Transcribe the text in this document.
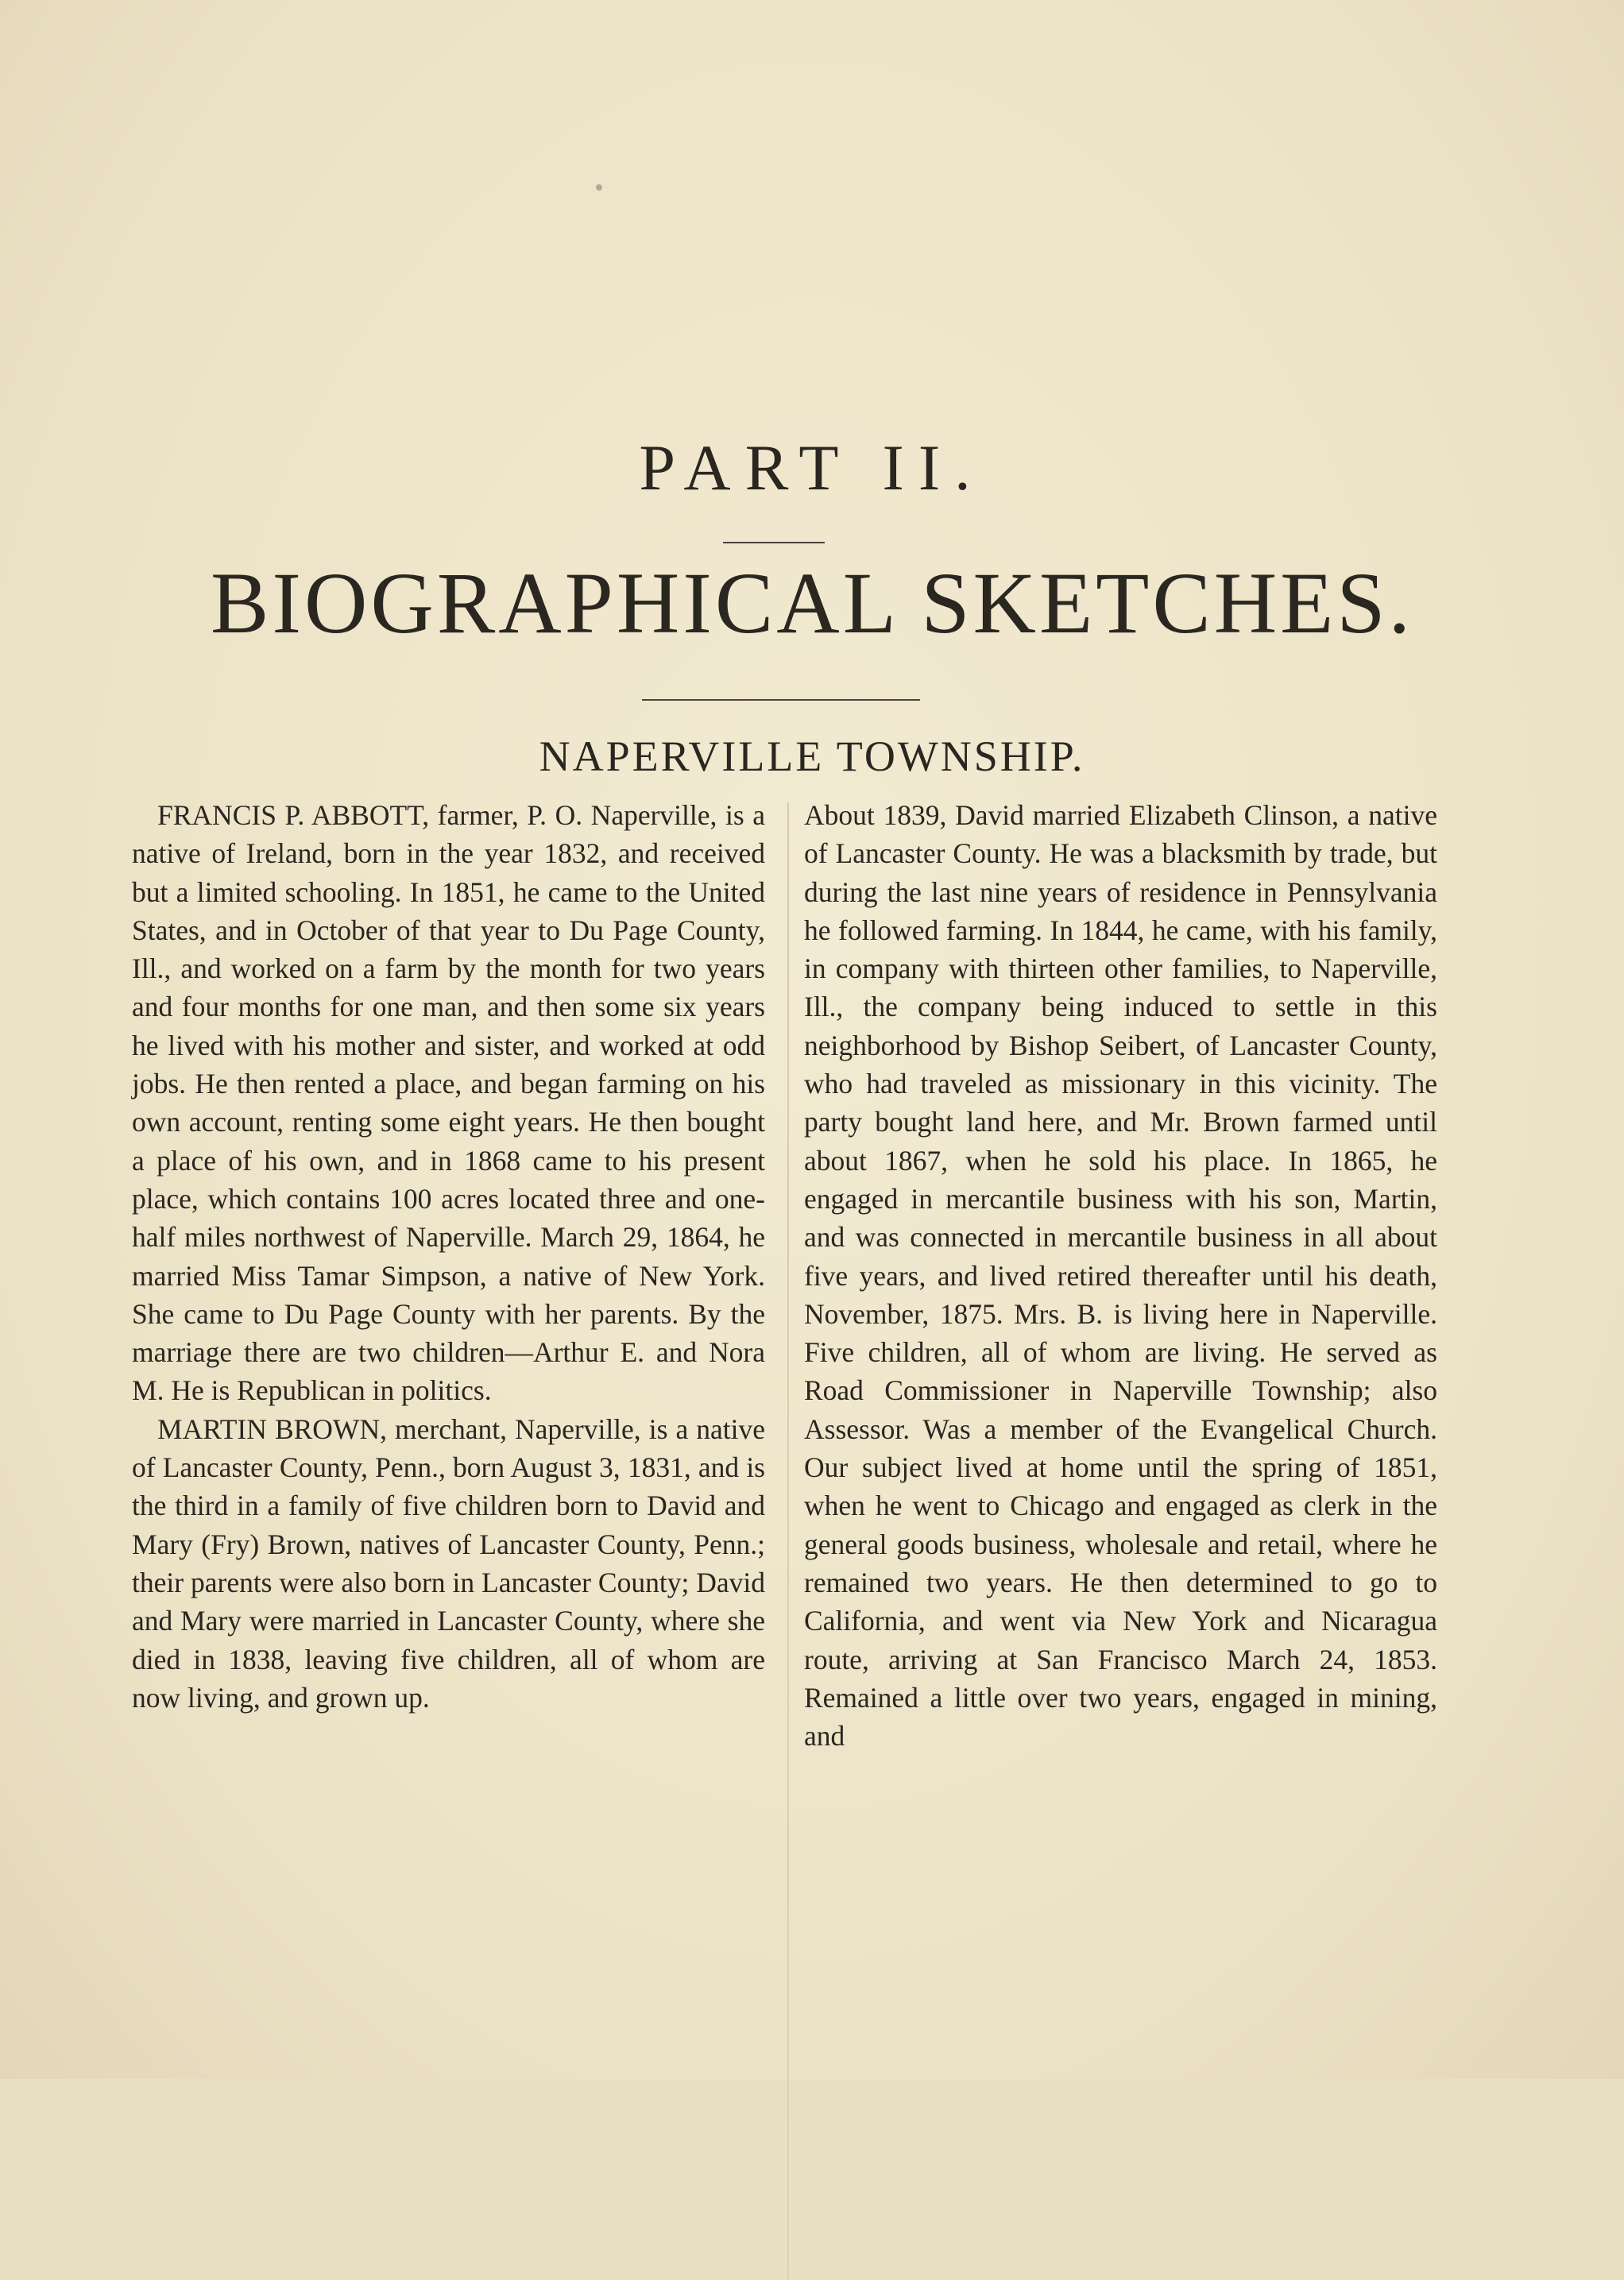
PART II.
BIOGRAPHICAL SKETCHES.
NAPERVILLE TOWNSHIP.

FRANCIS P. ABBOTT, farmer, P. O. Naperville, is a native of Ireland, born in the year 1832, and received but a limited schooling. In 1851, he came to the United States, and in October of that year to Du Page County, Ill., and worked on a farm by the month for two years and four months for one man, and then some six years he lived with his mother and sister, and worked at odd jobs. He then rented a place, and began farming on his own account, renting some eight years. He then bought a place of his own, and in 1868 came to his present place, which contains 100 acres located three and one-half miles northwest of Naperville. March 29, 1864, he married Miss Tamar Simpson, a native of New York. She came to Du Page County with her parents. By the marriage there are two children—Arthur E. and Nora M. He is Republican in politics.

MARTIN BROWN, merchant, Naperville, is a native of Lancaster County, Penn., born August 3, 1831, and is the third in a family of five children born to David and Mary (Fry) Brown, natives of Lancaster County, Penn.; their parents were also born in Lancaster County; David and Mary were married in Lancaster County, where she died in 1838, leaving five children, all of whom are now living, and grown up.

About 1839, David married Elizabeth Clinson, a native of Lancaster County. He was a blacksmith by trade, but during the last nine years of residence in Pennsylvania he followed farming. In 1844, he came, with his family, in company with thirteen other families, to Naperville, Ill., the company being induced to settle in this neighborhood by Bishop Seibert, of Lancaster County, who had traveled as missionary in this vicinity. The party bought land here, and Mr. Brown farmed until about 1867, when he sold his place. In 1865, he engaged in mercantile business with his son, Martin, and was connected in mercantile business in all about five years, and lived retired thereafter until his death, November, 1875. Mrs. B. is living here in Naperville. Five children, all of whom are living. He served as Road Commissioner in Naperville Township; also Assessor. Was a member of the Evangelical Church. Our subject lived at home until the spring of 1851, when he went to Chicago and engaged as clerk in the general goods business, wholesale and retail, where he remained two years. He then determined to go to California, and went via New York and Nicaragua route, arriving at San Francisco March 24, 1853. Remained a little over two years, engaged in mining, and
